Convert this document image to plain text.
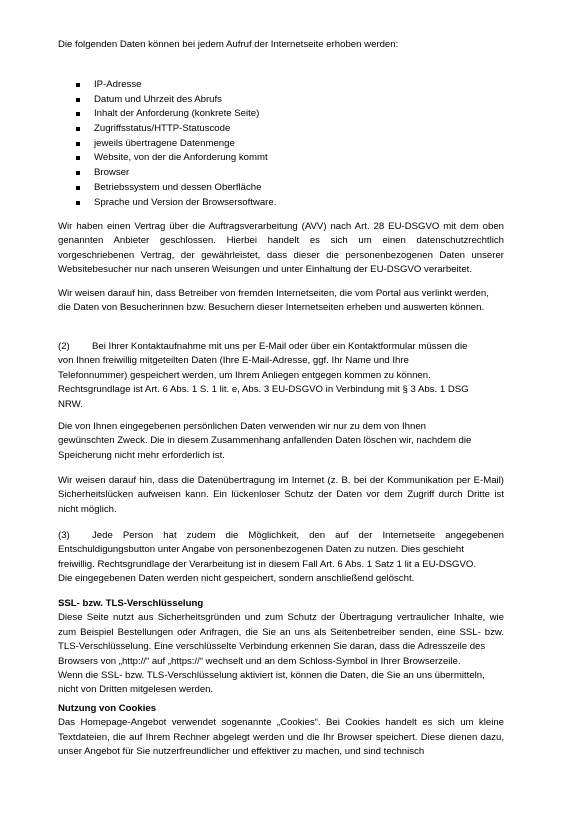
Die folgenden Daten können bei jedem Aufruf der Internetseite erhoben werden:

IP-Adresse
Datum und Uhrzeit des Abrufs
Inhalt der Anforderung (konkrete Seite)
Zugriffsstatus/HTTP-Statuscode
jeweils übertragene Datenmenge
Website, von der die Anforderung kommt
Browser
Betriebssystem und dessen Oberfläche
Sprache und Version der Browsersoftware.

Wir haben einen Vertrag über die Auftragsverarbeitung (AVV) nach Art. 28 EU-DSGVO mit dem oben genannten Anbieter geschlossen. Hierbei handelt es sich um einen datenschutzrechtlich vorgeschriebenen Vertrag, der gewährleistet, dass dieser die personenbezogenen Daten unserer Websitebesucher nur nach unseren Weisungen und unter Einhaltung der EU-DSGVO verarbeitet.

Wir weisen darauf hin, dass Betreiber von fremden Internetseiten, die vom Portal aus verlinkt werden, die Daten von Besucherinnen bzw. Besuchern dieser Internetseiten erheben und auswerten können.

(2) Bei Ihrer Kontaktaufnahme mit uns per E-Mail oder über ein Kontaktformular müssen die
von Ihnen freiwillig mitgeteilten Daten (Ihre E-Mail-Adresse, ggf. Ihr Name und Ihre
Telefonnummer) gespeichert werden, um Ihrem Anliegen entgegen kommen zu können.
Rechtsgrundlage ist Art. 6 Abs. 1 S. 1 lit. e, Abs. 3 EU-DSGVO in Verbindung mit § 3 Abs. 1 DSG
NRW.
Die von Ihnen eingegebenen persönlichen Daten verwenden wir nur zu dem von Ihnen
gewünschten Zweck. Die in diesem Zusammenhang anfallenden Daten löschen wir, nachdem die
Speicherung nicht mehr erforderlich ist.

Wir weisen darauf hin, dass die Datenübertragung im Internet (z. B. bei der Kommunikation per E-Mail) Sicherheitslücken aufweisen kann. Ein lückenloser Schutz der Daten vor dem Zugriff durch Dritte ist nicht möglich.

(3) Jede Person hat zudem die Möglichkeit, den auf der Internetseite angegebenen Entschuldigungsbutton unter Angabe von personenbezogenen Daten zu nutzen. Dies geschieht
freiwillig. Rechtsgrundlage der Verarbeitung ist in diesem Fall Art. 6 Abs. 1 Satz 1 lit a EU-DSGVO.
Die eingegebenen Daten werden nicht gespeichert, sondern anschließend gelöscht.
SSL- bzw. TLS-Verschlüsselung
Diese Seite nutzt aus Sicherheitsgründen und zum Schutz der Übertragung vertraulicher Inhalte, wie zum Beispiel Bestellungen oder Anfragen, die Sie an uns als Seitenbetreiber senden, eine SSL- bzw. TLS-Verschlüsselung. Eine verschlüsselte Verbindung erkennen Sie daran, dass die Adresszeile des
Browsers von „http://“ auf „https://“ wechselt und an dem Schloss-Symbol in Ihrer Browserzeile.
Wenn die SSL- bzw. TLS-Verschlüsselung aktiviert ist, können die Daten, die Sie an uns übermitteln,
nicht von Dritten mitgelesen werden.
Nutzung von Cookies
Das Homepage-Angebot verwendet sogenannte „Cookies“. Bei Cookies handelt es sich um kleine Textdateien, die auf Ihrem Rechner abgelegt werden und die Ihr Browser speichert. Diese dienen dazu, unser Angebot für Sie nutzerfreundlicher und effektiver zu machen, und sind technisch
